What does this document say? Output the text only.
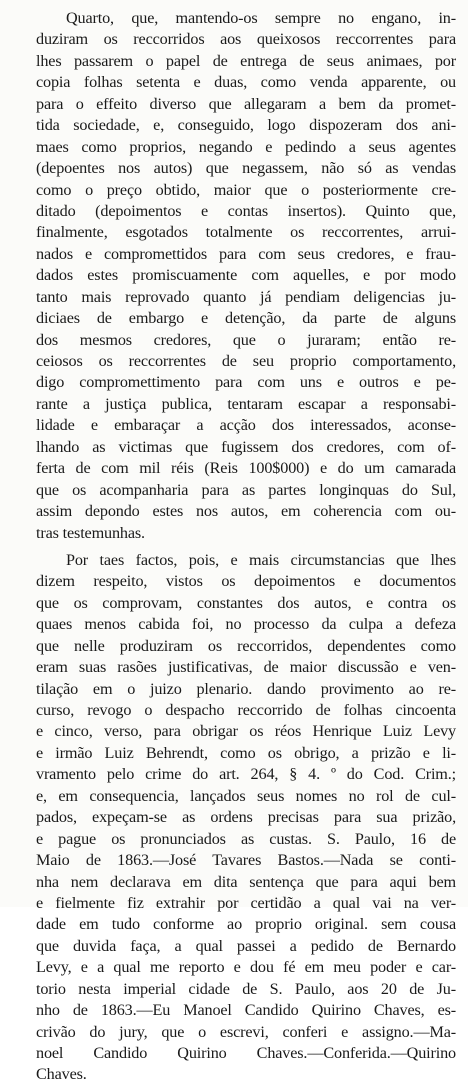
Quarto, que, mantendo-os sempre no engano, in-
duziram os reccorridos aos queixosos reccorrentes para
lhes passarem o papel de entrega de seus animaes, por
copia folhas setenta e duas, como venda apparente, ou
para o effeito diverso que allegaram a bem da promet-
tida sociedade, e, conseguido, logo dispozeram dos ani-
maes como proprios, negando e pedindo a seus agentes
(depoentes nos autos) que negassem, não só as vendas
como o preço obtido, maior que o posteriormente cre-
ditado (depoimentos e contas insertos). Quinto que,
finalmente, esgotados totalmente os reccorrentes, arrui-
nados e compromettidos para com seus credores, e frau-
dados estes promiscuamente com aquelles, e por modo
tanto mais reprovado quanto já pendiam deligencias ju-
diciaes de embargo e detenção, da parte de alguns
dos mesmos credores, que o juraram; então re-
ceiosos os reccorrentes de seu proprio comportamento,
digo compromettimento para com uns e outros e pe-
rante a justiça publica, tentaram escapar a responsabi-
lidade e embaraçar a acção dos interessados, aconse-
lhando as victimas que fugissem dos credores, com of-
ferta de com mil réis (Reis 100$000) e do um camarada
que os acompanharia para as partes longinquas do Sul,
assim depondo estes nos autos, em coherencia com ou-
tras testemunhas.
Por taes factos, pois, e mais circumstancias que lhes
dizem respeito, vistos os depoimentos e documentos
que os comprovam, constantes dos autos, e contra os
quaes menos cabida foi, no processo da culpa a defeza
que nelle produziram os reccorridos, dependentes como
eram suas rasões justificativas, de maior discussão e ven-
tilação em o juizo plenario. dando provimento ao re-
curso, revogo o despacho reccorrido de folhas cincoenta
e cinco, verso, para obrigar os réos Henrique Luiz Levy
e irmão Luiz Behrendt, como os obrigo, a prizão e li-
vramento pelo crime do art. 264, § 4. º do Cod. Crim.;
e, em consequencia, lançados seus nomes no rol de cul-
pados, expeçam-se as ordens precisas para sua prizão,
e pague os pronunciados as custas. S. Paulo, 16 de
Maio de 1863.—José Tavares Bastos.—Nada se conti-
nha nem declarava em dita sentença que para aqui bem
e fielmente fiz extrahir por certidão a qual vai na ver-
dade em tudo conforme ao proprio original. sem cousa
que duvida faça, a qual passei a pedido de Bernardo
Levy, e a qual me reporto e dou fé em meu poder e car-
torio nesta imperial cidade de S. Paulo, aos 20 de Ju-
nho de 1863.—Eu Manoel Candido Quirino Chaves, es-
crivão do jury, que o escrevi, conferi e assigno.—Ma-
noel Candido Quirino Chaves.—Conferida.—Quirino
Chaves.
